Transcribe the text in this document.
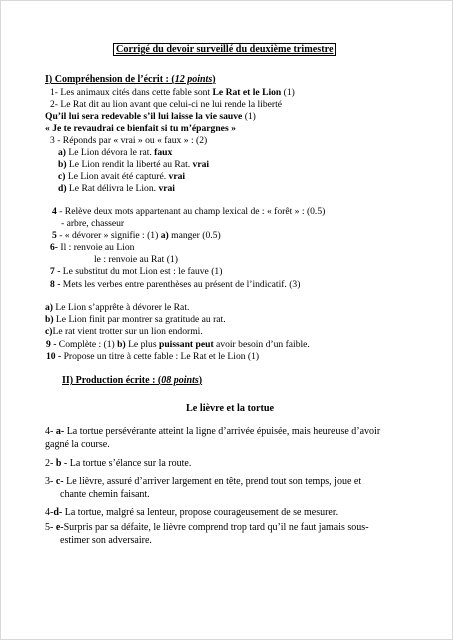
Corrigé du devoir surveillé du deuxième trimestre
I) Compréhension de l’écrit : (12 points)
1- Les animaux cités dans cette fable sont Le Rat et le Lion (1)
2- Le Rat dit au lion avant que celui-ci ne lui rende la liberté
Qu’il lui sera redevable s’il lui laisse la vie sauve (1)
« Je te revaudrai ce bienfait si tu m’épargnes »
3 - Réponds par « vrai » ou « faux » : (2)
a) Le Lion dévora le rat. faux
b) Le Lion rendit la liberté au Rat. vrai
c) Le Lion avait été capturé. vrai
d) Le Rat délivra le Lion. vrai
4 - Relève deux mots appartenant au champ lexical de : « forêt » : (0.5)
- arbre, chasseur
5 - « dévorer » signifie : (1) a) manger (0.5)
6- Il : renvoie au Lion
le : renvoie au Rat (1)
7 - Le substitut du mot Lion est : le fauve (1)
8 - Mets les verbes entre parenthèses au présent de l’indicatif. (3)
a) Le Lion s’apprête à dévorer le Rat.
b) Le Lion finit par montrer sa gratitude au rat.
c)Le rat vient trotter sur un lion endormi.
9 - Complète : (1) b) Le plus puissant peut avoir besoin d’un faible.
10 - Propose un titre à cette fable : Le Rat et le Lion (1)
II) Production écrite : (08 points)
Le lièvre et la tortue
4- a- La tortue persévérante atteint la ligne d’arrivée épuisée, mais heureuse d’avoir
gagné la course.
2- b - La tortue s’élance sur la route.
3- c- Le lièvre, assuré d’arriver largement en tête, prend tout son temps, joue et
chante chemin faisant.
4-d- La tortue, malgré sa lenteur, propose courageusement de se mesurer.
5- e-Surpris par sa défaite, le lièvre comprend trop tard qu’il ne faut jamais sous-
estimer son adversaire.
